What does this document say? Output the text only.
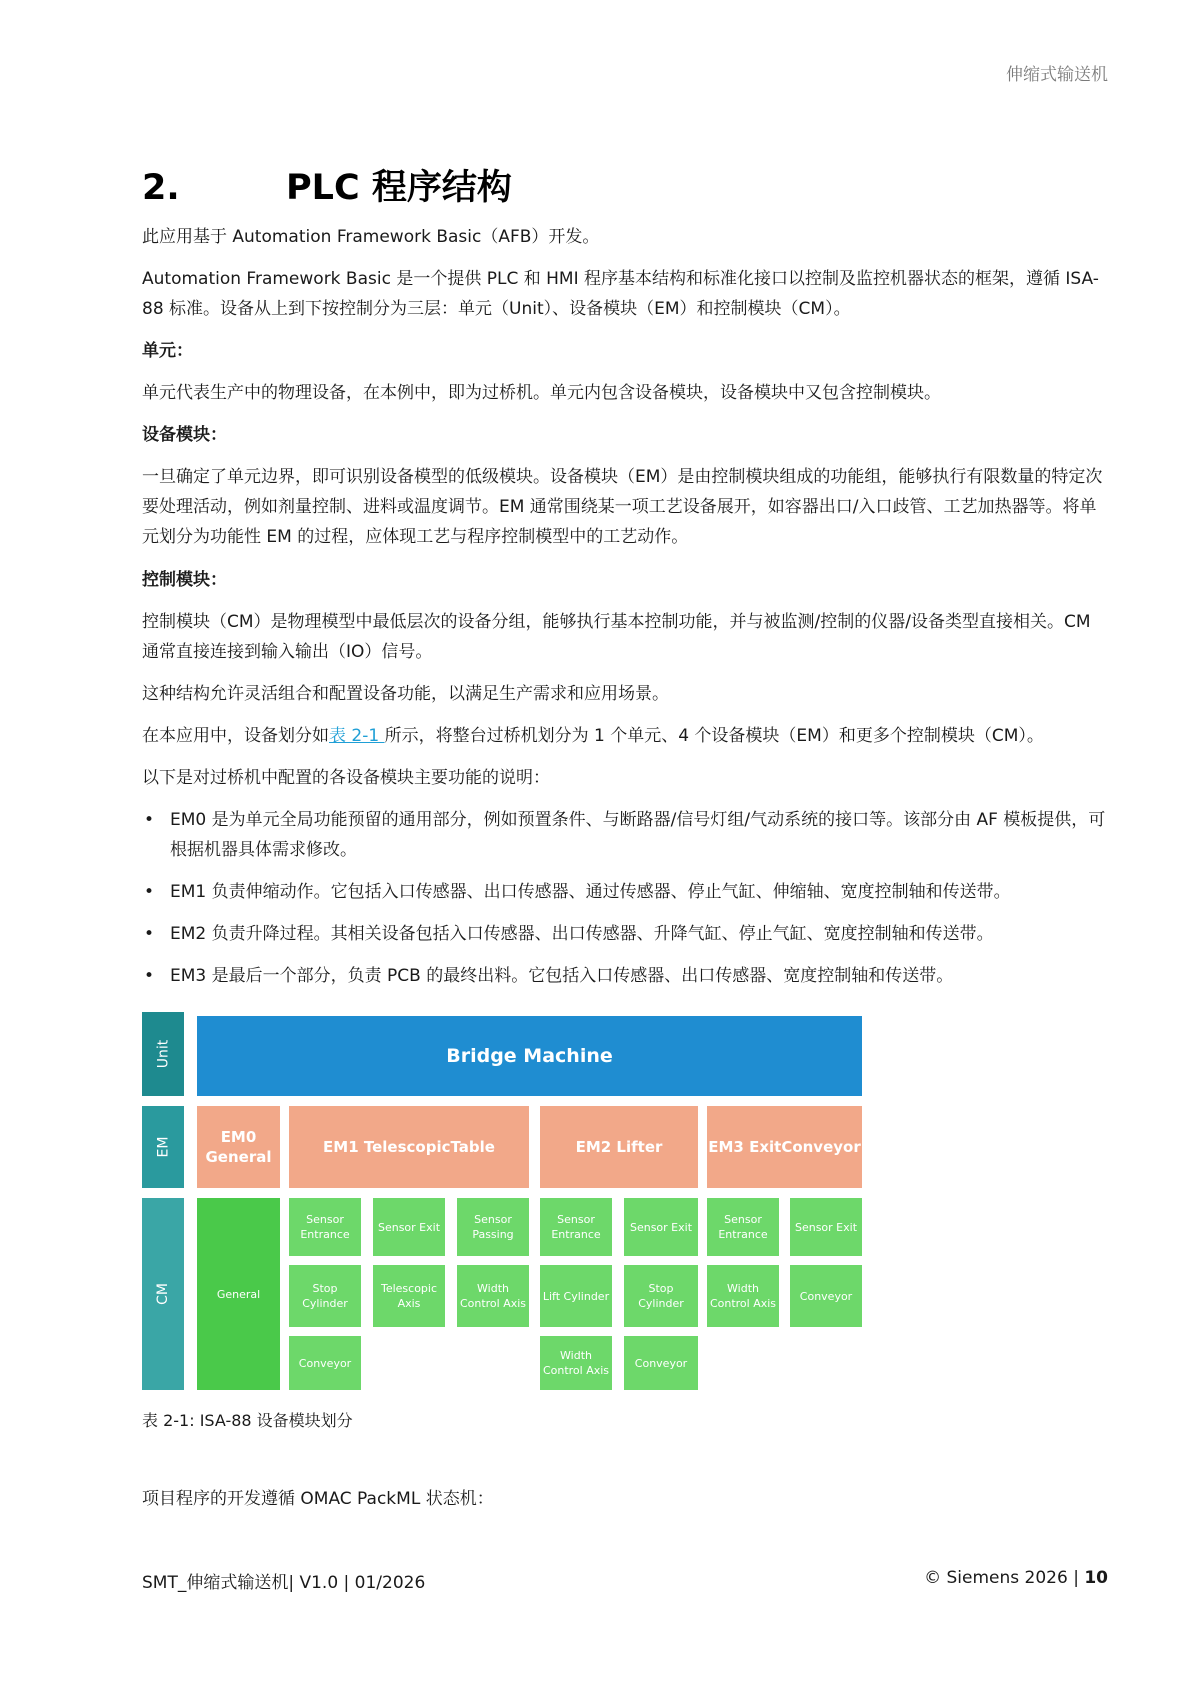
伸缩式输送机
2.	PLC 程序结构
此应用基于 Automation Framework Basic（AFB）开发。
Automation Framework Basic 是一个提供 PLC 和 HMI 程序基本结构和标准化接口以控制及监控机器状态的框架，遵循 ISA-88 标准。设备从上到下按控制分为三层：单元（Unit）、设备模块（EM）和控制模块（CM）。
单元：
单元代表生产中的物理设备，在本例中，即为过桥机。单元内包含设备模块，设备模块中又包含控制模块。
设备模块：
一旦确定了单元边界，即可识别设备模型的低级模块。设备模块（EM）是由控制模块组成的功能组，能够执行有限数量的特定次要处理活动，例如剂量控制、进料或温度调节。EM 通常围绕某一项工艺设备展开，如容器出口/入口歧管、工艺加热器等。将单元划分为功能性 EM 的过程，应体现工艺与程序控制模型中的工艺动作。
控制模块：
控制模块（CM）是物理模型中最低层次的设备分组，能够执行基本控制功能，并与被监测/控制的仪器/设备类型直接相关。CM 通常直接连接到输入输出（IO）信号。
这种结构允许灵活组合和配置设备功能，以满足生产需求和应用场景。
在本应用中，设备划分如表 2-1 所示，将整台过桥机划分为 1 个单元、4 个设备模块（EM）和更多个控制模块（CM）。
以下是对过桥机中配置的各设备模块主要功能的说明：
• EM0 是为单元全局功能预留的通用部分，例如预置条件、与断路器/信号灯组/气动系统的接口等。该部分由 AF 模板提供，可根据机器具体需求修改。
• EM1 负责伸缩动作。它包括入口传感器、出口传感器、通过传感器、停止气缸、伸缩轴、宽度控制轴和传送带。
• EM2 负责升降过程。其相关设备包括入口传感器、出口传感器、升降气缸、停止气缸、宽度控制轴和传送带。
• EM3 是最后一个部分，负责 PCB 的最终出料。它包括入口传感器、出口传感器、宽度控制轴和传送带。
Unit
EM
CM
Bridge Machine
EM0
General
EM1 TelescopicTable	EM2 Lifter	EM3 ExitConveyor
General
Sensor Entrance
Sensor Exit
Sensor Passing
Stop Cylinder
Telescopic Axis
Width Control Axis
Conveyor
Sensor Entrance
Sensor Exit
Lift Cylinder
Stop Cylinder
Width Control Axis
Conveyor
Sensor Entrance
Sensor Exit
Width Control Axis
Conveyor
表 2-1: ISA-88 设备模块划分
项目程序的开发遵循 OMAC PackML 状态机：
SMT_伸缩式输送机| V1.0 | 01/2026	© Siemens 2026 | 10
